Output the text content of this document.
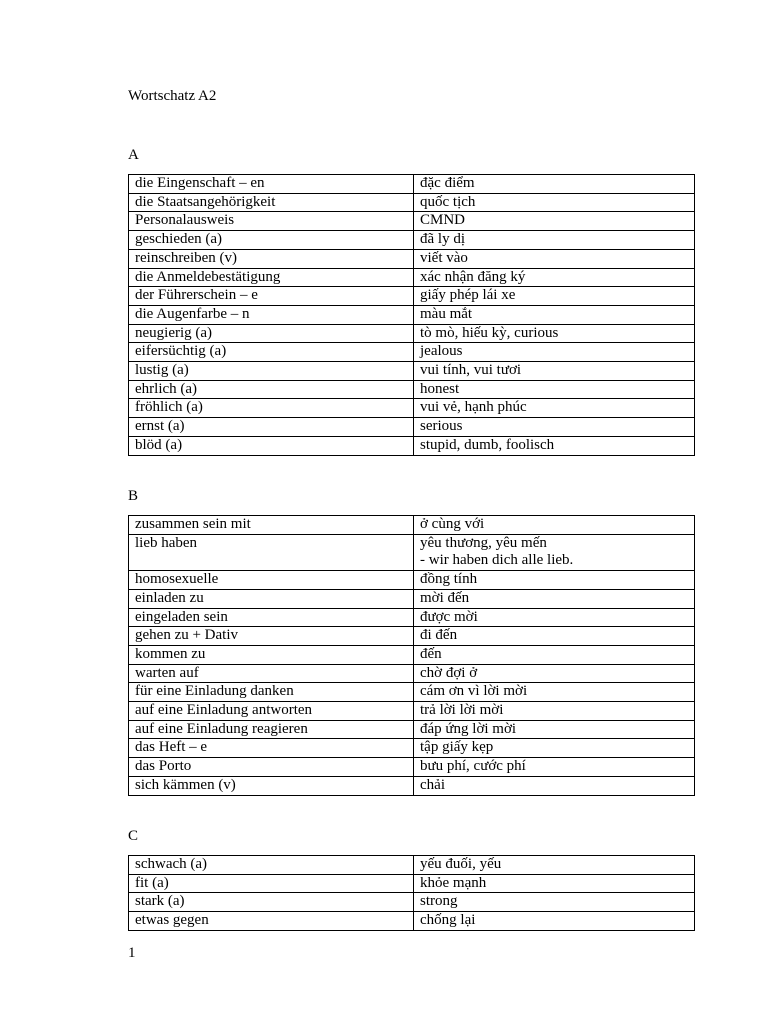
Wortschatz A2
A
die Eingenschaft – en	đặc điểm
die Staatsangehörigkeit	quốc tịch
Personalausweis	CMND
geschieden (a)	đã ly dị
reinschreiben (v)	viết vào
die Anmeldebestätigung	xác nhận đăng ký
der Führerschein – e	giấy phép lái xe
die Augenfarbe – n	màu mắt
neugierig (a)	tò mò, hiếu kỳ, curious
eifersüchtig (a)	jealous
lustig (a)	vui tính, vui tươi
ehrlich (a)	honest
fröhlich (a)	vui vẻ, hạnh phúc
ernst (a)	serious
blöd (a)	stupid, dumb, foolisch
B
zusammen sein mit	ở cùng với
lieb haben	yêu thương, yêu mến
- wir haben dich alle lieb.
homosexuelle	đồng tính
einladen zu	mời đến
eingeladen sein	được mời
gehen zu + Dativ	đi đến
kommen zu	đến
warten auf	chờ đợi ở
für eine Einladung danken	cám ơn vì lời mời
auf eine Einladung antworten	trả lời lời mời
auf eine Einladung reagieren	đáp ứng lời mời
das Heft – e	tập giấy kẹp
das Porto	bưu phí, cước phí
sich kämmen (v)	chải
C
schwach (a)	yếu đuối, yếu
fit (a)	khỏe mạnh
stark (a)	strong
etwas gegen	chống lại
1
